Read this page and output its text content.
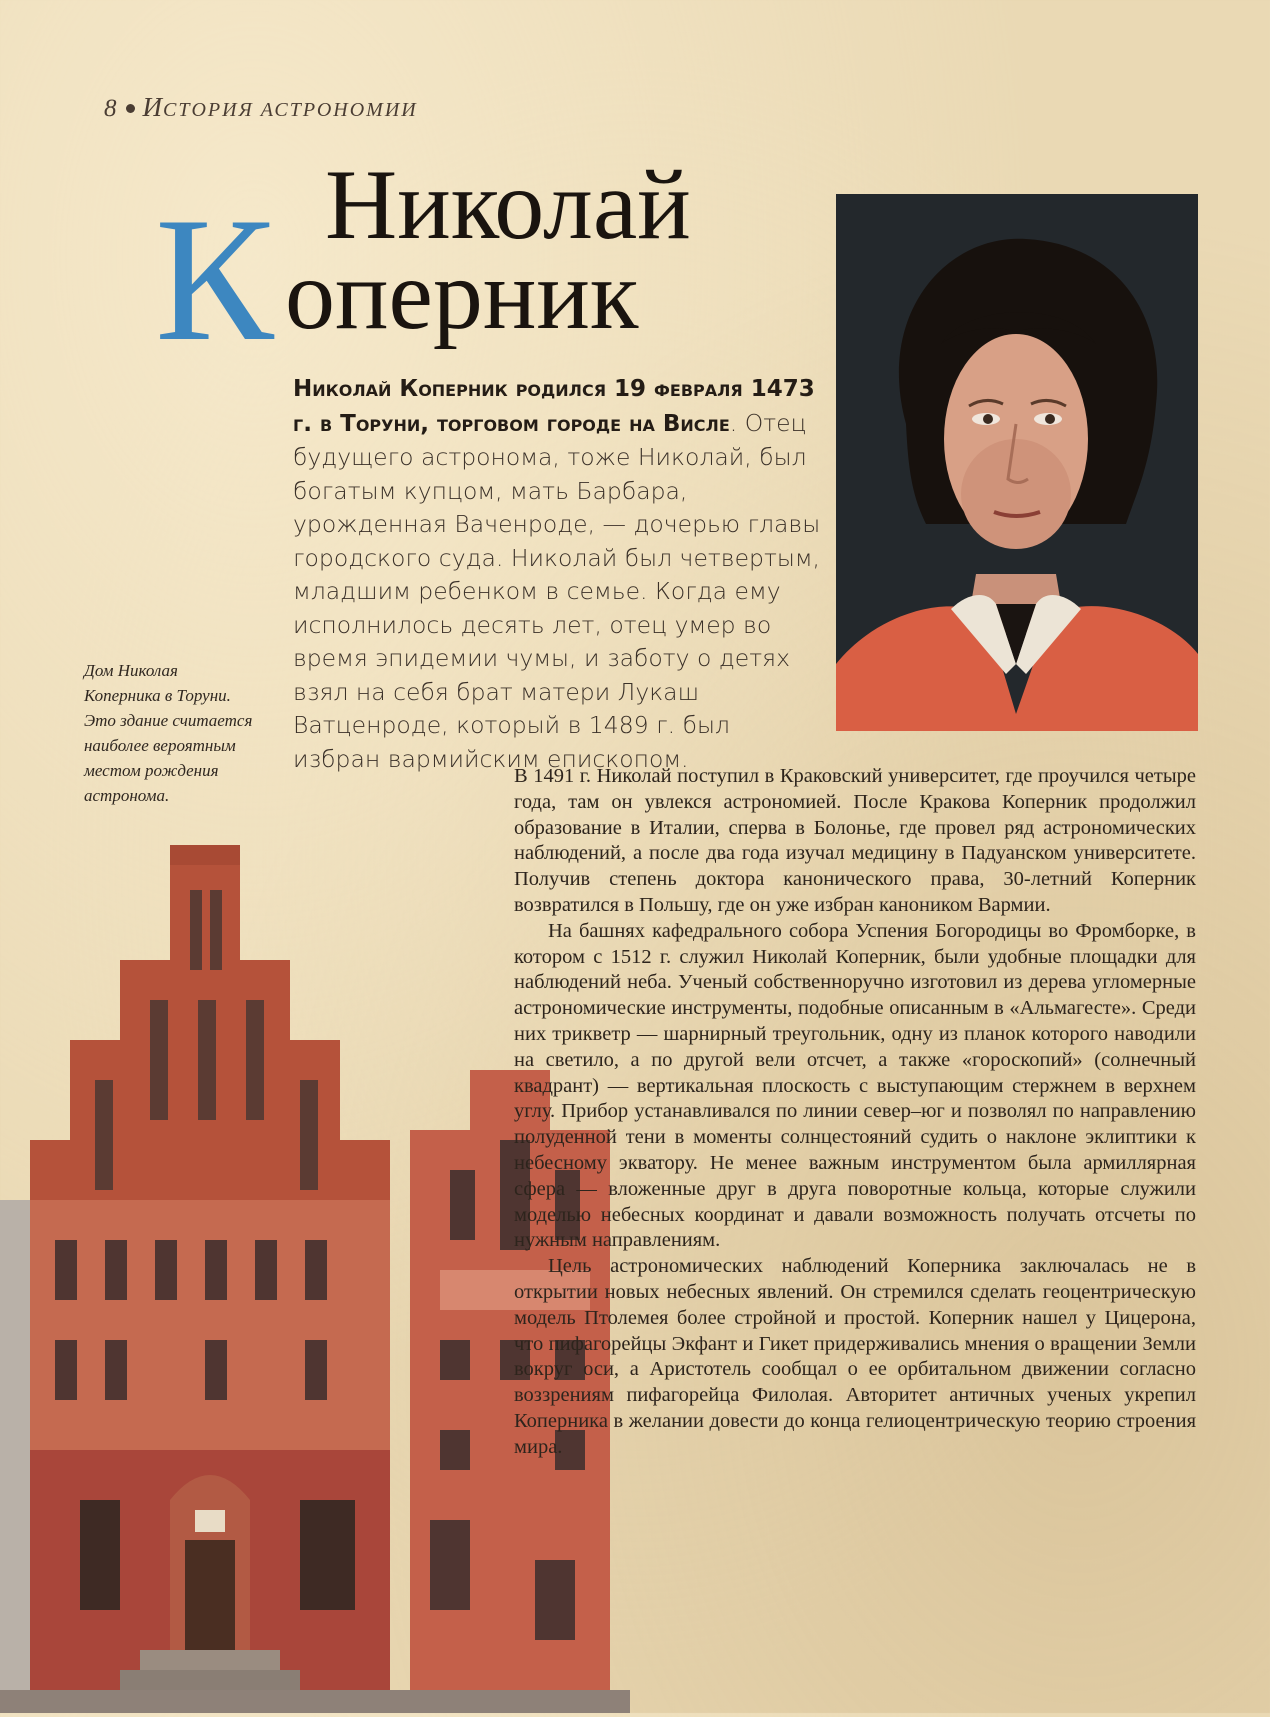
8 ИСТОРИЯ АСТРОНОМИИ
Николай
К оперник
Николай Коперник родился 19 февраля 1473 г. в Торуни, торговом городе на Висле. Отец будущего астронома, тоже Николай, был богатым купцом, мать Барбара, урожденная Ваченроде, — дочерью главы городского суда. Николай был четвертым, младшим ребенком в семье. Когда ему исполнилось десять лет, отец умер во время эпидемии чумы, и заботу о детях взял на себя брат матери Лукаш Ватценроде, который в 1489 г. был избран вармийским епископом.
Дом Николая Коперника в Торуни. Это здание считается наиболее вероятным местом рождения астронома.

В 1491 г. Николай поступил в Краковский университет, где проучился четыре года, там он увлекся астрономией. После Кракова Коперник продолжил образование в Италии, сперва в Болонье, где провел ряд астрономических наблюдений, а после два года изучал медицину в Падуанском университете. Получив степень доктора канонического права, 30-летний Коперник возвратился в Польшу, где он уже избран каноником Вармии.

На башнях кафедрального собора Успения Богородицы во Фромборке, в котором с 1512 г. служил Николай Коперник, были удобные площадки для наблюдений неба. Ученый собственноручно изготовил из дерева угломерные астрономические инструменты, подобные описанным в «Альмагесте». Среди них трикветр — шарнирный треугольник, одну из планок которого наводили на светило, а по другой вели отсчет, а также «гороскопий» (солнечный квадрант) — вертикальная плоскость с выступающим стержнем в верхнем углу. Прибор устанавливался по линии север–юг и позволял по направлению полуденной тени в моменты солнцестояний судить о наклоне эклиптики к небесному экватору. Не менее важным инструментом была армиллярная сфера — вложенные друг в друга поворотные кольца, которые служили моделью небесных координат и давали возможность получать отсчеты по нужным направлениям.

Цель астрономических наблюдений Коперника заключалась не в открытии новых небесных явлений. Он стремился сделать геоцентрическую модель Птолемея более стройной и простой. Коперник нашел у Цицерона, что пифагорейцы Экфант и Гикет придерживались мнения о вращении Земли вокруг оси, а Аристотель сообщал о ее орбитальном движении согласно воззрениям пифагорейца Филолая. Авторитет античных ученых укрепил Коперника в желании довести до конца гелиоцентрическую теорию строения мира.
